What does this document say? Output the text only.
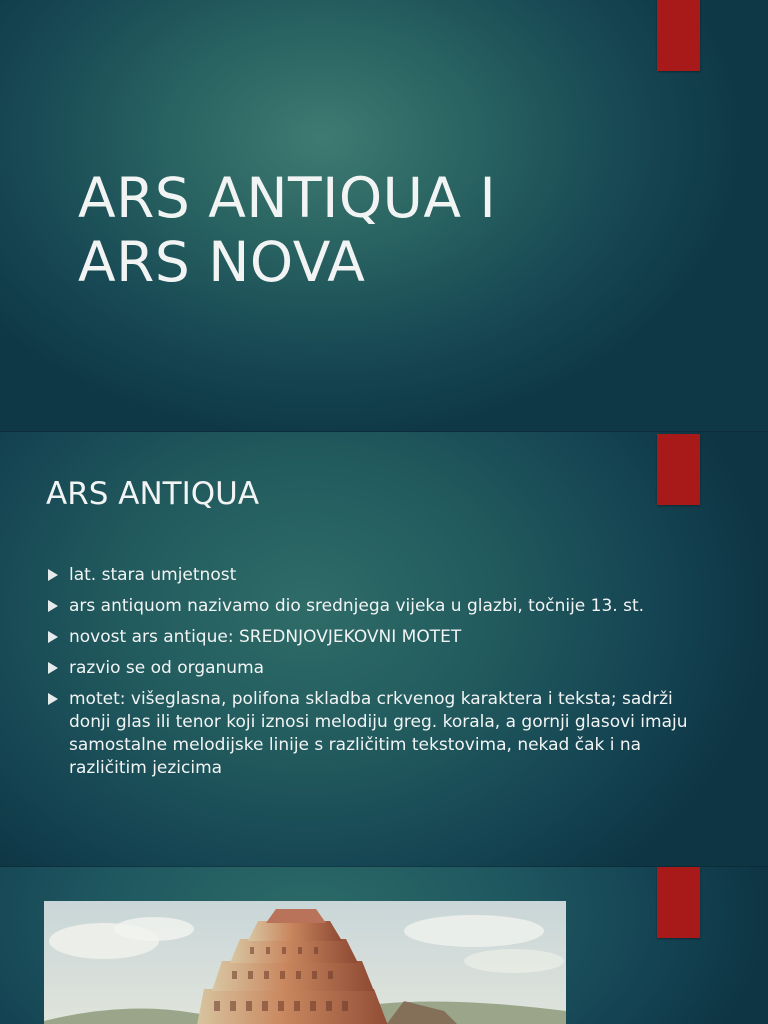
ARS ANTIQUA I
ARS NOVA
ARS ANTIQUA
lat. stara umjetnost
ars antiquom nazivamo dio srednjega vijeka u glazbi, točnije 13. st.
novost ars antique: SREDNJOVJEKOVNI MOTET
razvio se od organuma
motet: višeglasna, polifona skladba crkvenog karaktera i teksta; sadrži donji glas ili tenor koji iznosi melodiju greg. korala, a gornji glasovi imaju samostalne melodijske linije s različitim tekstovima, nekad čak i na različitim jezicima
